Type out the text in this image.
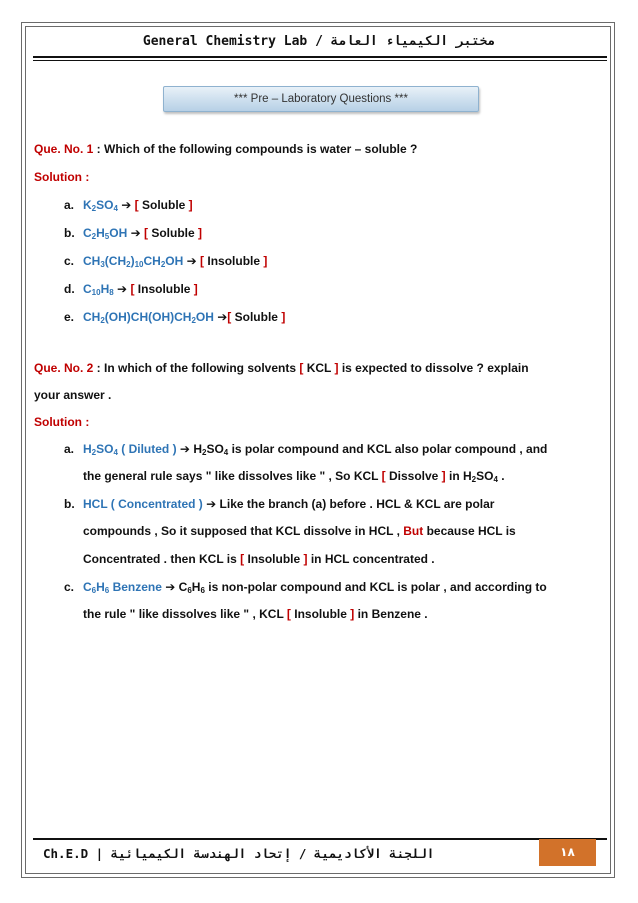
General Chemistry Lab / مختبر الكيمياء العامة
*** Pre – Laboratory Questions ***
Que. No. 1 : Which of the following compounds is water – soluble ?
Solution :
a. $K_2SO_4$ ➔ [ Soluble ]
b. $C_2H_5OH$ ➔ [ Soluble ]
c. $CH_3(CH_2)_{10}CH_2OH$ ➔ [ Insoluble ]
d. $C_{10}H_8$ ➔ [ Insoluble ]
e. $CH_2(OH)CH(OH)CH_2OH$ ➔[ Soluble ]
Que. No. 2 : In which of the following solvents [ KCL ] is expected to dissolve ? explain
your answer .
Solution :
a. $H_2SO_4$ ( Diluted ) ➔ $H_2SO_4$ is polar compound and KCL also polar compound , and
the general rule says " like dissolves like " , So KCL [ Dissolve ] in $H_2SO_4$ .
b. HCL ( Concentrated ) ➔ Like the branch (a) before . HCL & KCL are polar
compounds , So it supposed that KCL dissolve in HCL , But because HCL is
Concentrated . then KCL is [ Insoluble ] in HCL concentrated .
c. $C_6H_6$ Benzene ➔ $C_6H_6$ is non-polar compound and KCL is polar , and according to
the rule " like dissolves like " , KCL [ Insoluble ] in Benzene .
Ch.E.D | اللجنة الأكاديمية / إتحاد الهندسة الكيميائية	١٨
